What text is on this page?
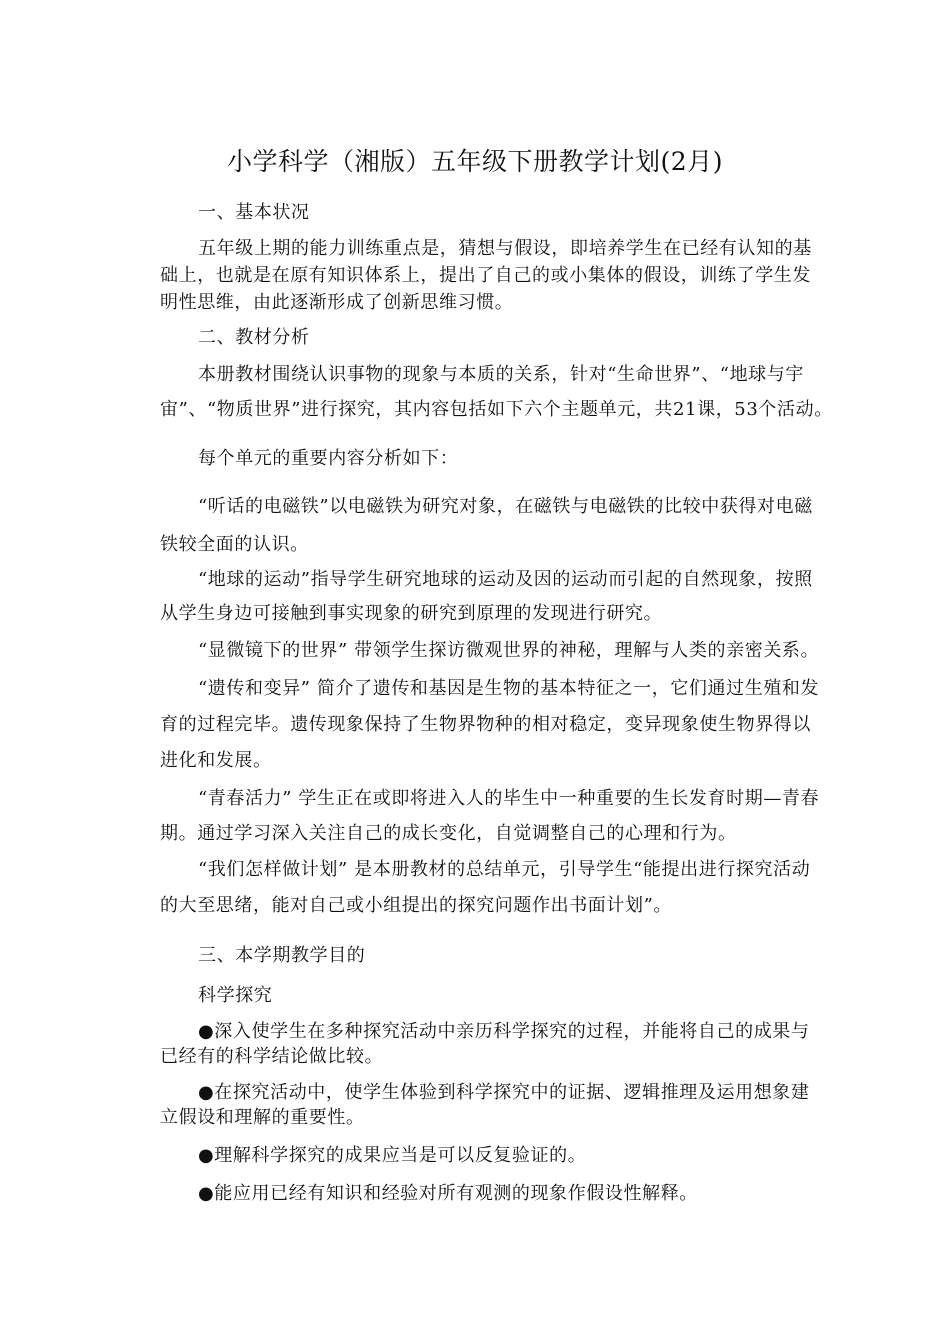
小学科学（湘版）五年级下册教学计划(2月)
一、基本状况
五年级上期的能力训练重点是，猜想与假设，即培养学生在已经有认知的基
础上，也就是在原有知识体系上，提出了自己的或小集体的假设，训练了学生发
明性思维，由此逐渐形成了创新思维习惯。
二、教材分析
本册教材围绕认识事物的现象与本质的关系，针对“生命世界”、“地球与宇
宙”、“物质世界”进行探究，其内容包括如下六个主题单元，共21课，53个活动。
每个单元的重要内容分析如下：
“听话的电磁铁”以电磁铁为研究对象，在磁铁与电磁铁的比较中获得对电磁
铁较全面的认识。
“地球的运动”指导学生研究地球的运动及因的运动而引起的自然现象，按照
从学生身边可接触到事实现象的研究到原理的发现进行研究。
“显微镜下的世界” 带领学生探访微观世界的神秘，理解与人类的亲密关系。
“遗传和变异” 简介了遗传和基因是生物的基本特征之一，它们通过生殖和发
育的过程完毕。遗传现象保持了生物界物种的相对稳定，变异现象使生物界得以
进化和发展。
“青春活力” 学生正在或即将进入人的毕生中一种重要的生长发育时期—青春
期。通过学习深入关注自己的成长变化，自觉调整自己的心理和行为。
“我们怎样做计划” 是本册教材的总结单元，引导学生“能提出进行探究活动
的大至思绪，能对自己或小组提出的探究问题作出书面计划”。
三、本学期教学目的
科学探究
●深入使学生在多种探究活动中亲历科学探究的过程，并能将自己的成果与
已经有的科学结论做比较。
●在探究活动中，使学生体验到科学探究中的证据、逻辑推理及运用想象建
立假设和理解的重要性。
●理解科学探究的成果应当是可以反复验证的。
●能应用已经有知识和经验对所有观测的现象作假设性解释。
